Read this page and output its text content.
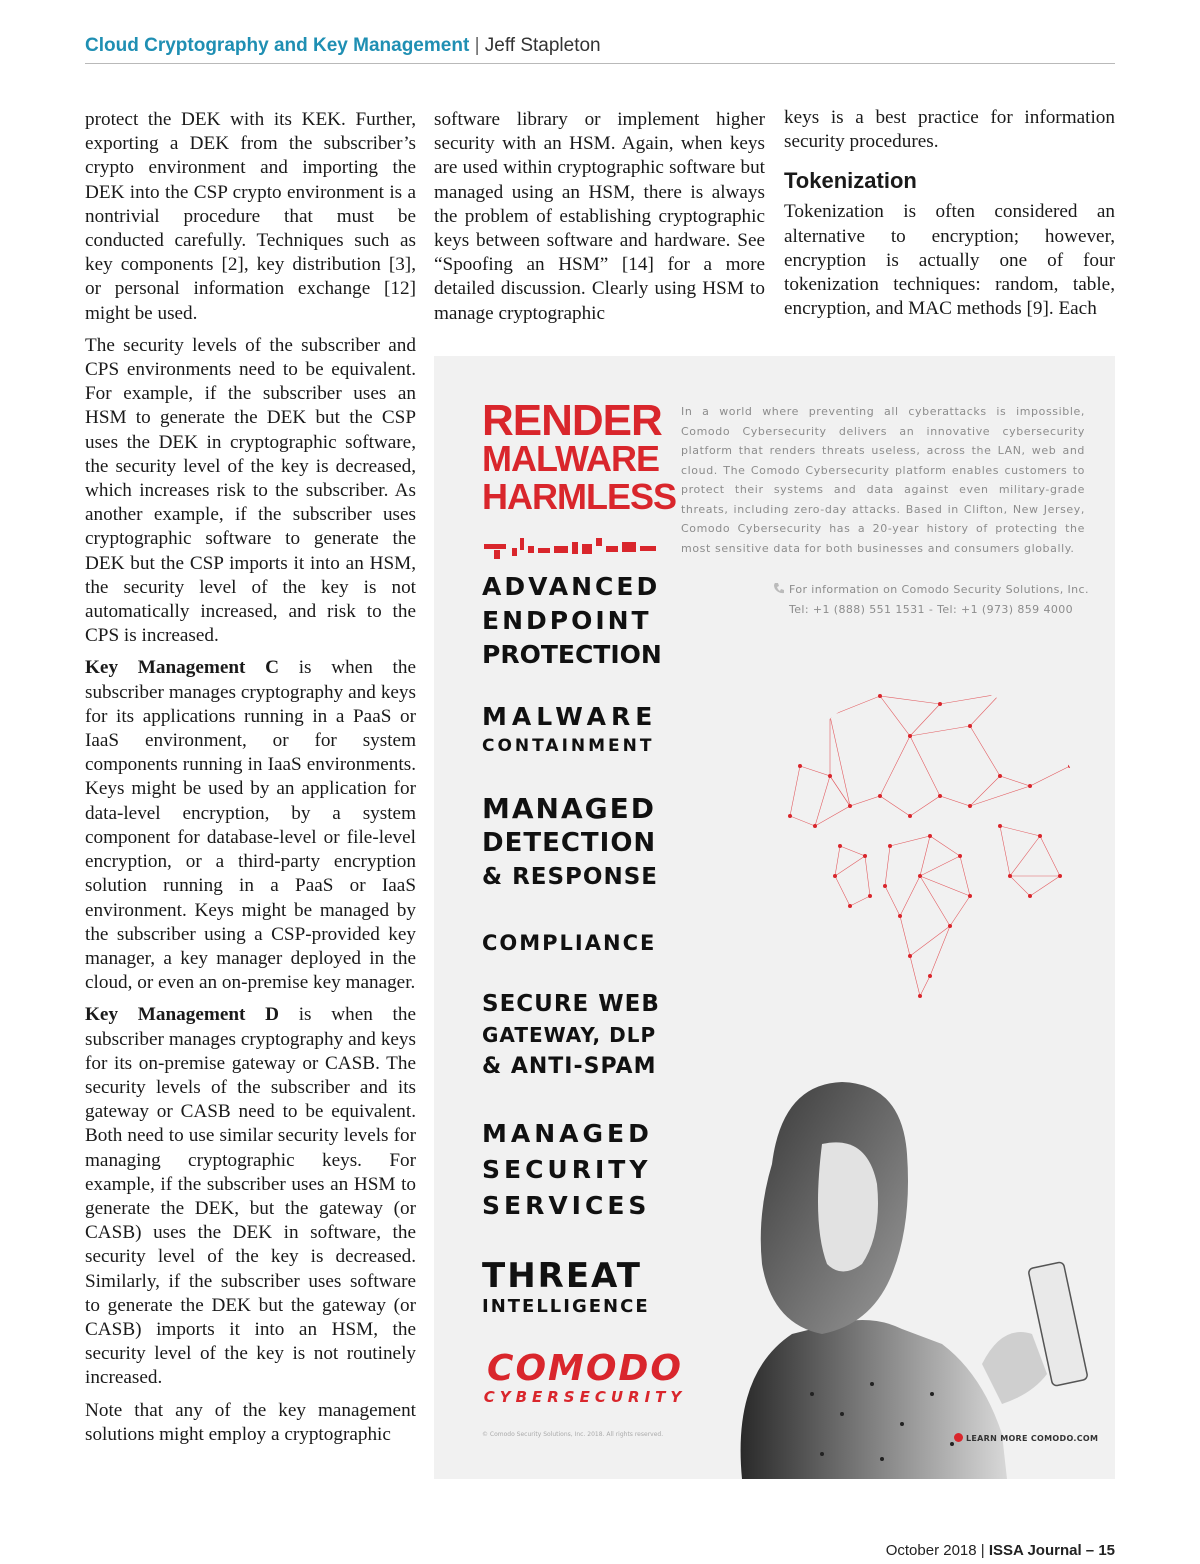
Cloud Cryptography and Key Management | Jeff Stapleton

protect the DEK with its KEK. Further, exporting a DEK from the subscriber’s crypto environment and importing the DEK into the CSP crypto environment is a nontrivial procedure that must be conducted carefully. Techniques such as key components [2], key distribution [3], or personal information exchange [12] might be used.

The security levels of the subscriber and CPS environments need to be equivalent. For example, if the subscriber uses an HSM to generate the DEK but the CSP uses the DEK in cryptographic software, the security level of the key is decreased, which increases risk to the subscriber. As another example, if the subscriber uses cryptographic software to generate the DEK but the CSP imports it into an HSM, the security level of the key is not automatically increased, and risk to the CPS is increased.

Key Management C is when the subscriber manages cryptography and keys for its applications running in a PaaS or IaaS environment, or for system components running in IaaS environments. Keys might be used by an application for data-level encryption, by a system component for database-level or file-level encryption, or a third-party encryption solution running in a PaaS or IaaS environment. Keys might be managed by the subscriber using a CSP-provided key manager, a key manager deployed in the cloud, or even an on-premise key manager.

Key Management D is when the subscriber manages cryptography and keys for its on-premise gateway or CASB. The security levels of the subscriber and its gateway or CASB need to be equivalent. Both need to use similar security levels for managing cryptographic keys. For example, if the subscriber uses an HSM to generate the DEK, but the gateway (or CASB) uses the DEK in software, the security level of the key is decreased. Similarly, if the subscriber uses software to generate the DEK but the gateway (or CASB) imports it into an HSM, the security level of the key is not routinely increased.

Note that any of the key management solutions might employ a cryptographic

software library or implement higher security with an HSM. Again, when keys are used within cryptographic software but managed using an HSM, there is always the problem of establishing cryptographic keys between software and hardware. See “Spoofing an HSM” [14] for a more detailed discussion. Clearly using HSM to manage cryptographic

keys is a best practice for information security procedures.

Tokenization

Tokenization is often considered an alternative to encryption; however, encryption is actually one of four tokenization techniques: random, table, encryption, and MAC methods [9]. Each

RENDER
MALWARE
HARMLESS
ADVANCED
ENDPOINT
PROTECTION
MALWARE
CONTAINMENT
MANAGED
DETECTION
& RESPONSE
COMPLIANCE
SECURE WEB
GATEWAY, DLP
& ANTI-SPAM
MANAGED
SECURITY
SERVICES
THREAT
INTELLIGENCE
In a world where preventing all cyberattacks is impossible, Comodo Cybersecurity delivers an innovative cybersecurity platform that renders threats useless, across the LAN, web and cloud. The Comodo Cybersecurity platform enables customers to protect their systems and data against even military-grade threats, including zero-day attacks. Based in Clifton, New Jersey, Comodo Cybersecurity has a 20-year history of protecting the most sensitive data for both businesses and consumers globally.
For information on Comodo Security Solutions, Inc.
Tel: +1 (888) 551 1531 - Tel: +1 (973) 859 4000
COMODO
CYBERSECURITY
© Comodo Security Solutions, Inc. 2018. All rights reserved.	LEARN MORE COMODO.COM
October 2018 | ISSA Journal – 15
